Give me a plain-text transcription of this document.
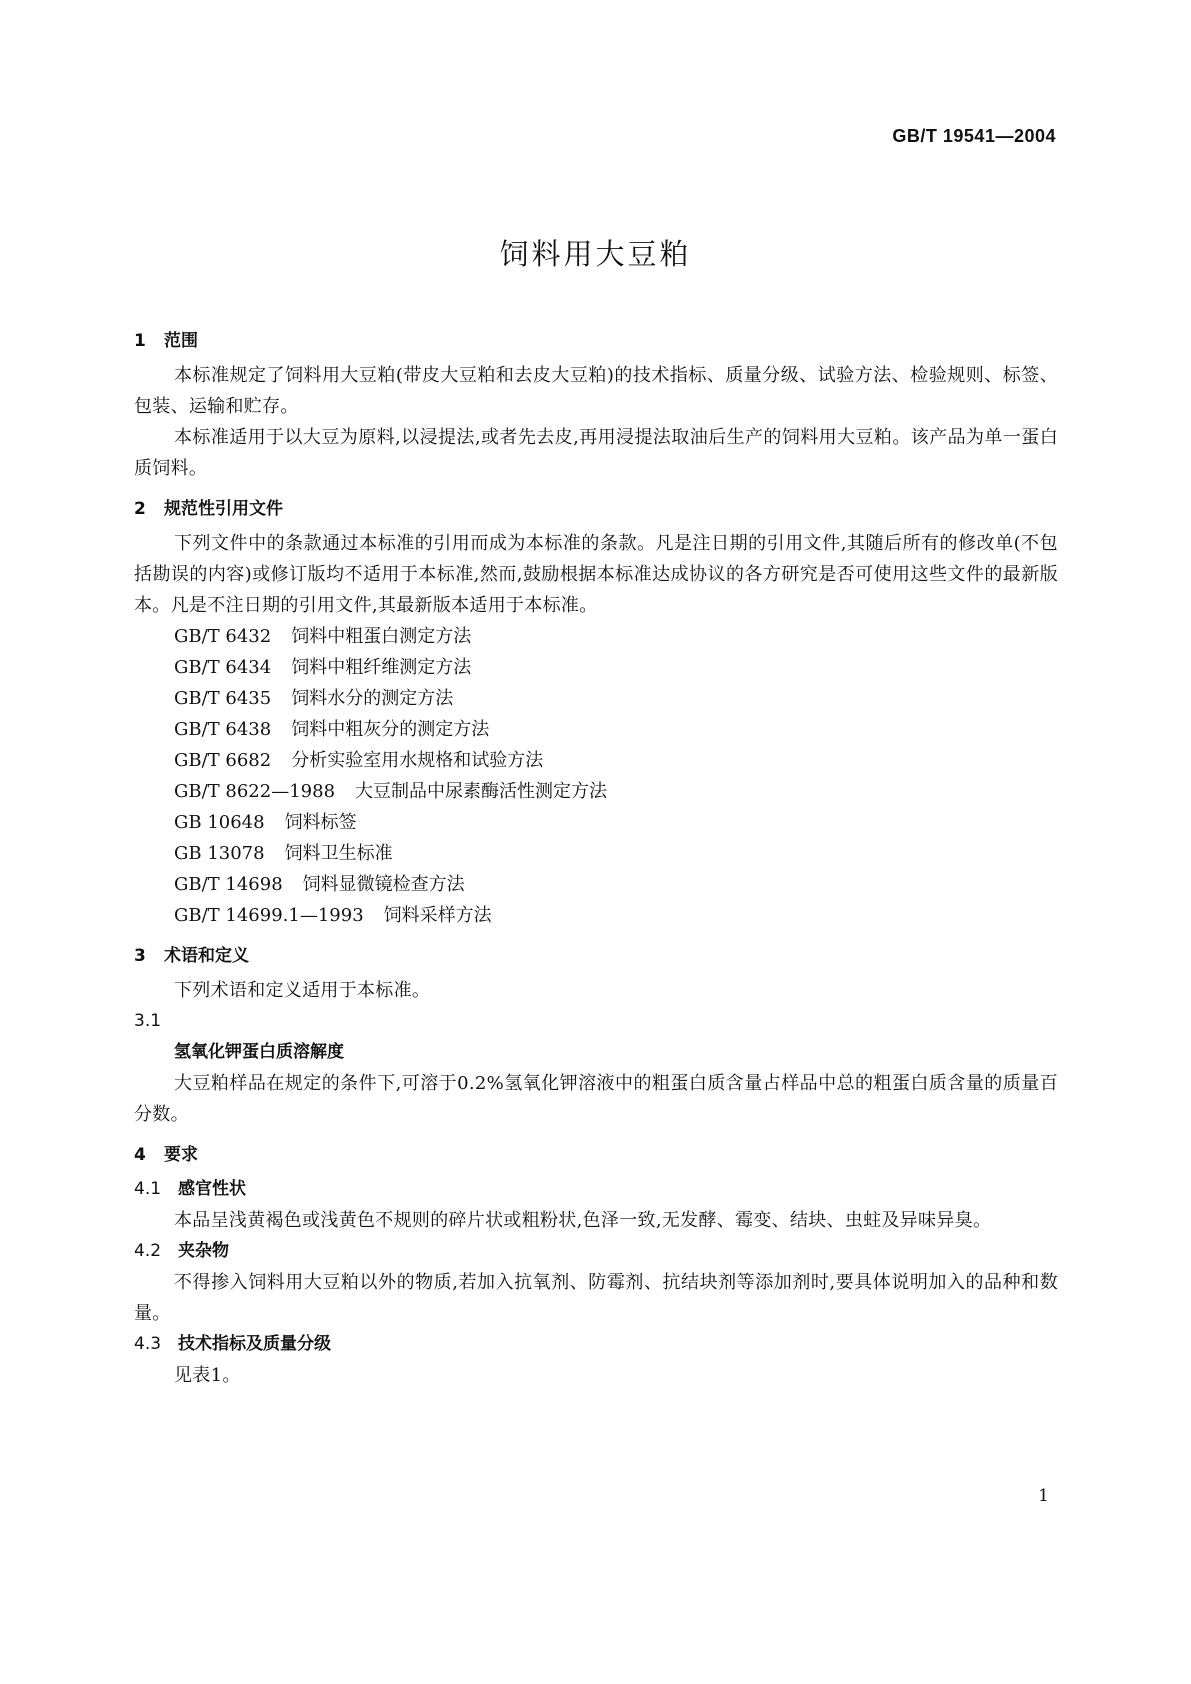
GB/T 19541—2004
饲料用大豆粕
1 范围

本标准规定了饲料用大豆粕(带皮大豆粕和去皮大豆粕)的技术指标、质量分级、试验方法、检验规则、标签、包装、运输和贮存。

本标准适用于以大豆为原料,以浸提法,或者先去皮,再用浸提法取油后生产的饲料用大豆粕。该产品为单一蛋白质饲料。

2 规范性引用文件

下列文件中的条款通过本标准的引用而成为本标准的条款。凡是注日期的引用文件,其随后所有的修改单(不包括勘误的内容)或修订版均不适用于本标准,然而,鼓励根据本标准达成协议的各方研究是否可使用这些文件的最新版本。凡是不注日期的引用文件,其最新版本适用于本标准。

GB/T 6432 饲料中粗蛋白测定方法
GB/T 6434 饲料中粗纤维测定方法
GB/T 6435 饲料水分的测定方法
GB/T 6438 饲料中粗灰分的测定方法
GB/T 6682 分析实验室用水规格和试验方法
GB/T 8622—1988 大豆制品中尿素酶活性测定方法
GB 10648 饲料标签
GB 13078 饲料卫生标准
GB/T 14698 饲料显微镜检查方法
GB/T 14699.1—1993 饲料采样方法
3 术语和定义

下列术语和定义适用于本标准。

3.1
氢氧化钾蛋白质溶解度

大豆粕样品在规定的条件下,可溶于0.2%氢氧化钾溶液中的粗蛋白质含量占样品中总的粗蛋白质含量的质量百分数。

4 要求
4.1 感官性状

本品呈浅黄褐色或浅黄色不规则的碎片状或粗粉状,色泽一致,无发酵、霉变、结块、虫蛀及异味异臭。

4.2 夹杂物

不得掺入饲料用大豆粕以外的物质,若加入抗氧剂、防霉剂、抗结块剂等添加剂时,要具体说明加入的品种和数量。

4.3 技术指标及质量分级

见表1。

1
